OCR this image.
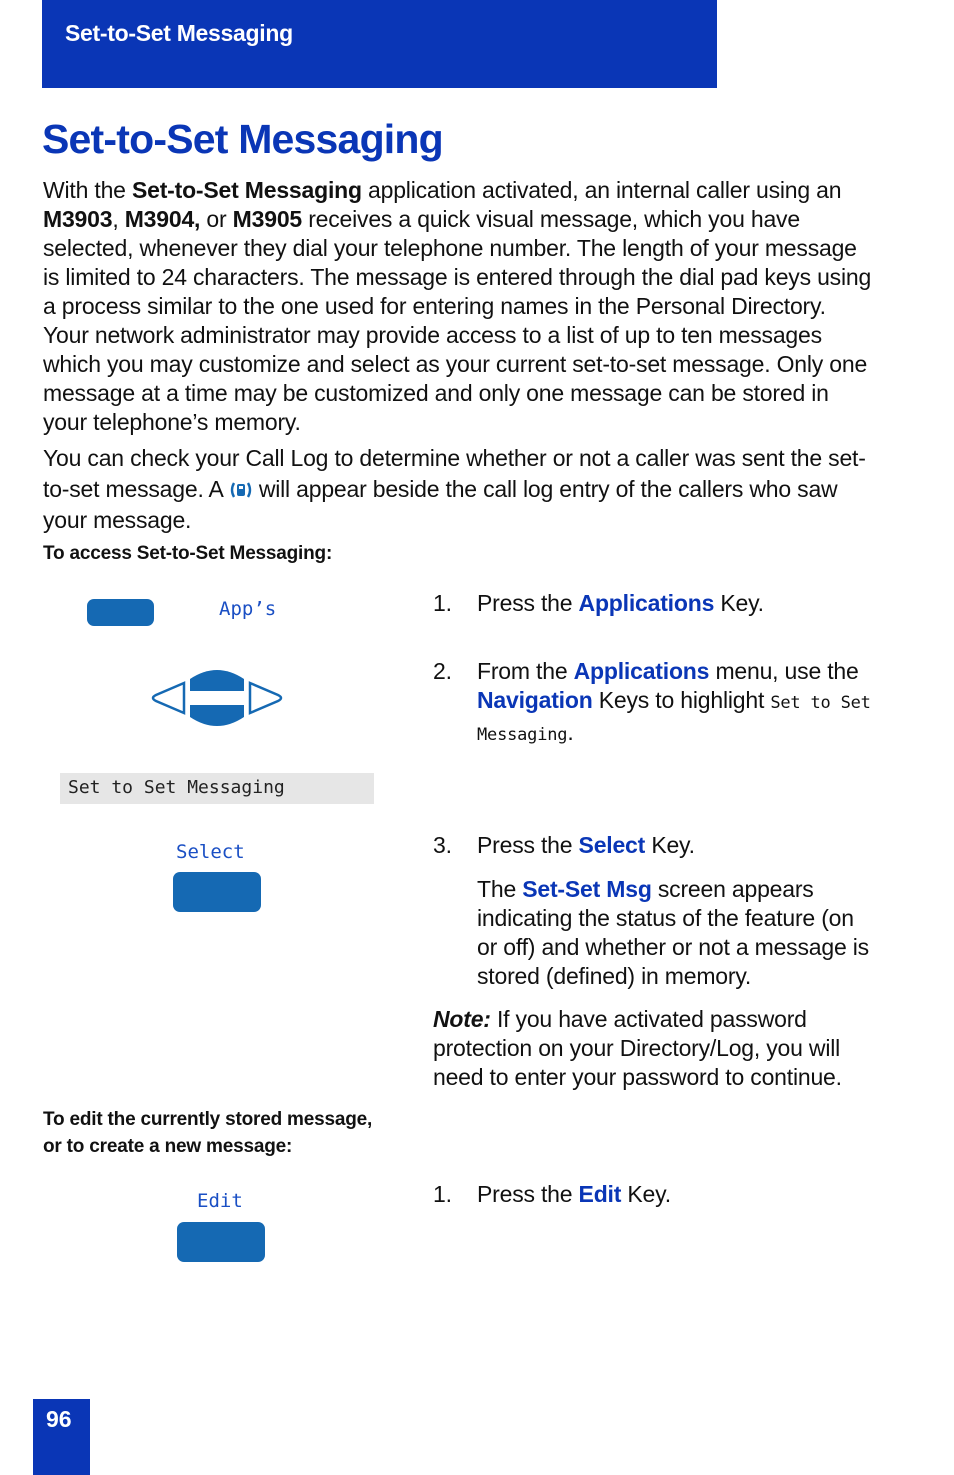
Set-to-Set Messaging
Set-to-Set Messaging

With the Set-to-Set Messaging application activated, an internal caller using an M3903, M3904, or M3905 receives a quick visual message, which you have selected, whenever they dial your telephone number. The length of your message is limited to 24 characters. The message is entered through the dial pad keys using a process similar to the one used for entering names in the Personal Directory. Your network administrator may provide access to a list of up to ten messages which you may customize and select as your current set-to-set message. Only one message at a time may be customized and only one message can be stored in your telephone’s memory.

You can check your Call Log to determine whether or not a caller was sent the set-to-set message. A  will appear beside the call log entry of the callers who saw your message.

To access Set-to-Set Messaging:

App’s
Set to Set Messaging
Select
1. Press the Applications Key.
2. From the Applications menu, use the Navigation Keys to highlight Set to Set Messaging.
3. Press the Select Key.

The Set-Set Msg screen appears indicating the status of the feature (on or off) and whether or not a message is stored (defined) in memory.

Note: If you have activated password protection on your Directory/Log, you will need to enter your password to continue.

To edit the currently stored message,
or to create a new message:

Edit	1. Press the Edit Key.
96
